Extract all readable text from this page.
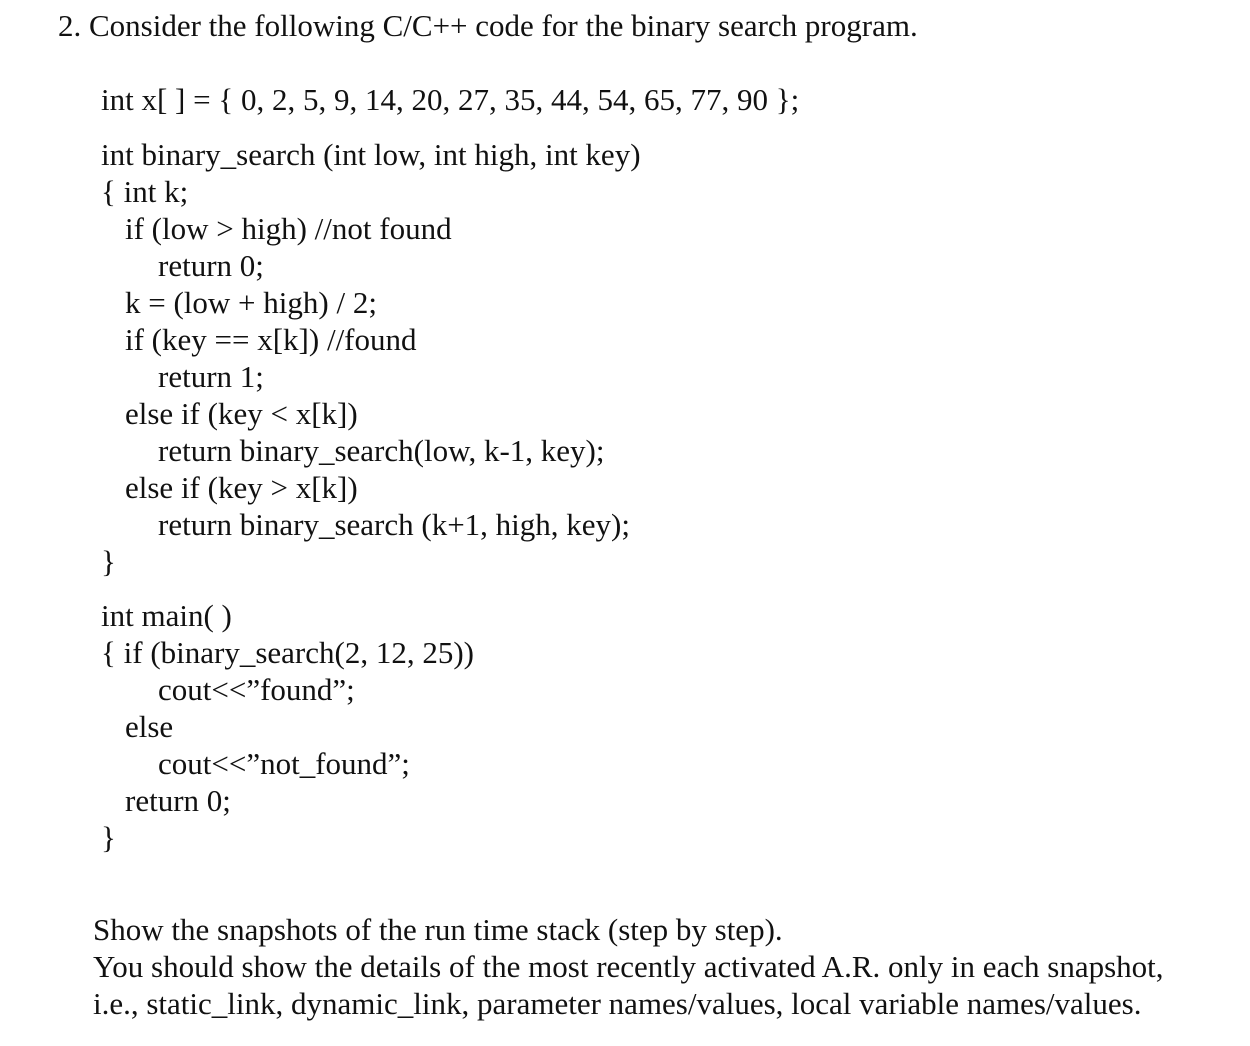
2. Consider the following C/C++ code for the binary search program.
int x[ ] = { 0, 2, 5, 9, 14, 20, 27, 35, 44, 54, 65, 77, 90 };
int binary_search (int low, int high, int key)
{ int k;
if (low > high) //not found
return 0;
k = (low + high) / 2;
if (key == x[k]) //found
return 1;
else if (key < x[k])
return binary_search(low, k-1, key);
else if (key > x[k])
return binary_search (k+1, high, key);
}
int main( )
{ if (binary_search(2, 12, 25))
cout<<”found”;
else
cout<<”not_found”;
return 0;
}
Show the snapshots of the run time stack (step by step).
You should show the details of the most recently activated A.R. only in each snapshot,
i.e., static_link, dynamic_link, parameter names/values, local variable names/values.
